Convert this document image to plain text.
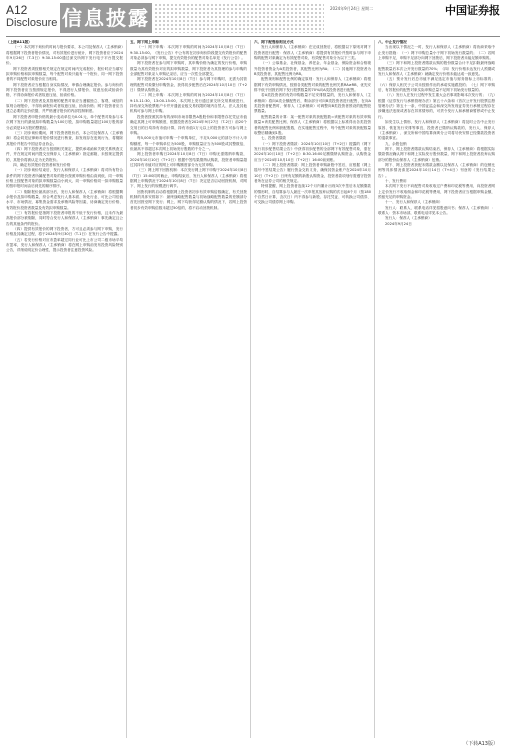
A12
Disclosure 信息披露	2024年9月24日 星期二	中国证券报

（上接A11版）

（一）本次网下询价的时间与报价要求，本公司及保荐人（主承销商）将根据网下投资者报价情况，对有效报价进行统计，网下投资者应于2024年9月26日（T-3日）9:30-15:00通过深交所网下发行电子平台提交报价。

网下投资者须按照相关规定在规定时间内完成报价，报价时应当填写拟申购价格和拟申购数量，每个配售对象只能有一个报价，同一网下投资者的不同配售对象报价应当相同。

网下投资者应当根据自身实际情况，审慎合理确定报价。参与询价的网下投资者应当按照规定报价，不得进行人情报价、故意压低或抬高价格，不得协商报价或者故意压低、抬高价格。

（二）网下投资者及其管理的配售对象应当遵循独立、客观、诚信的原则合理报价，不得协商报价或者故意压低、抬高价格；网下投资者应当建立必要的定价依据，并严格遵守报价的内部控制制度。

网下投资者申报价格的最小变动单位为0.01元，单个配售对象参与本次网下发行的最低拟申购数量为100万股，拟申购数量超过100万股的部分必须是10万股的整数倍。

（三）初步询价期间，网下投资者报价后，本公司及保荐人（主承销商）将会同见证律师对报价情况进行核查，如发现存在违规行为，将剔除其报价并报告中国证券业协会。

（四）网下投资者应当按照相关规定，提供承诺函和关联关系核查文件，并在规定时间内提交至保荐人（主承销商）指定邮箱，未按规定提供的，其报价将被认定为无效报价。

四、确定有效报价投资者和发行价格

（一）初步询价结束后，发行人和保荐人（主承销商）将对所有符合条件的网下投资者所属配售对象的报价按照申购价格由高到低、同一申购价格上按配售对象的拟申购数量由小到大、同一申购价格同一拟申购数量的按申报时间由后到先的顺序排序。

（二）剔除报价最高部分后，发行人和保荐人（主承销商）将根据剩余报价及拟申购数量，综合考虑发行人基本面、所处行业、可比公司估值水平、市场情况、募集资金需求及承销风险等因素，协商确定发行价格、有效报价投资者数量及有效拟申购数量。

（三）有效报价是指网下投资者申报的不低于发行价格，且未作为最高报价部分被剔除，同时符合发行人和保荐人（主承销商）事先确定且公告的其他条件的报价。

（四）提供有效报价的网下投资者，方可且必须参与网下申购，发行价格及其确定过程，将于2024年9月30日（T-1日）在发行公告中披露。

（五）若发行价格对应市盈率超过同行业可比上市公司二级市场平均市盈率，发行人和保荐人（主承销商）将在网上申购前发布投资风险特别公告，详细说明定价合理性，提示投资者注意投资风险。

五、网下网上申购

（一）网下申购：本次网下申购的时间为2024年10月8日（T日）9:30-15:00。《发行公告》中公布的在初步询价阶段提交有效报价的配售对象必须参与网下申购，提交有效报价的配售对象名单见《发行公告》。

网下投资者在参与网下申购时，其申购价格为确定的发行价格，申购数量为其有效报价对应的拟申购数量，网下投资者为其管理的参与申购的全部配售对象录入申购记录后，应当一次性全部提交。

网下投资者在2024年10月8日（T日）参与网下申购时，无需为其管理的配售对象缴付申购资金，获得初步配售后在2024年10月10日（T+2日）缴纳认购资金。

（二）网上申购：本次网上申购的时间为2024年10月8日（T日）9:15-11:30，13:00-15:00，本次网上发行通过深交所交易系统进行，持有深交所股票账户卡并开通创业板交易权限的境内自然人、法人及其他机构可参与网上申购。

投资者按照其持有的深圳市场非限售A股股份和非限售存托凭证市值确定其网上可申购额度，根据投资者在2024年9月27日（T-2日）前20个交易日的日均持有市值计算，持有市值1万元以上的投资者方可参与网上申购。

每5,000元市值可申购一个申购单位，不足5,000元的部分不计入申购额度，每一个申购单位为500股，申购数量应当为500股或其整数倍，但最高不得超过本次网上初始发行股数的千分之一。

网上投资者申购日2024年10月8日（T日）申购无需缴纳申购款，2024年10月10日（T+2日）根据中签结果缴纳认购款，投资者申购量超过其持有市值对应的网上可申购额度部分为无效申购。

（三）网上网下回拨机制：本次发行网上网下申购于2024年10月8日（T日）15:00同时截止，申购结束后，发行人和保荐人（主承销商）将根据网上申购情况于2024年10月8日（T日）决定是否启动回拨机制，对网下、网上发行的规模进行调节。

回拨机制的启动将根据网上投资者初步有效申购倍数确定，有关回拨机制的具体安排如下：最终战略配售数量与初始战略配售数量的差额部分首先回拨至网下发行；网上、网下均获得足额认购的情况下，若网上投资者初步有效申购倍数未超过50倍的，将不启动回拨机制。

六、网下配售原则及方式

发行人和保荐人（主承销商）在完成回拨后，将根据以下原则对网下投资者进行配售：保荐人（主承销商）将提供有效报价并按时参与网下申购的配售对象确定为有效配售对象，有效配售对象分为以下三类。

（一）公募基金、社保基金、养老金、年金基金、保险资金和合格境外投资者资金为A类投资者，其配售比例为RA；（二）其他网下投资者为B类投资者，其配售比例为RB。

配售规则和配售比例的确定原则：发行人和保荐人（主承销商）将根据网下有效申购情况，按照各类配售对象的配售比例关系RA≥RB，优先安排不低于回拨后网下发行股票数量的70%向A类投资者进行配售。

若A类投资者的有效申购数量不足安排数量的，发行人和保荐人（主承销商）将向A类全额配售后，剩余部分可向B类投资者进行配售，在向A类投资者配售时，保荐人（主承销商）可调整向B类投资者预设的配售股票数量。

配售数量的计算：某一配售对象的获配股数=该配售对象的有效申购数量×该类配售比例，保荐人（主承销商）将根据以上标准得出各类投资者的配售比例和获配股数，在实施配售过程中，每个配售对象的获配数量取整后精确到1股。

七、投资者缴款

（一）网下投资者缴款：2024年10月10日（T+2日）披露的《网下发行初步配售结果公告》中获得初步配售的全部网下有效配售对象，需在2024年10月10日（T+2日）8:30-16:00足额缴纳认购资金，认购资金应当于2024年10月10日（T+2日）16:00前到账。

（二）网上投资者缴款：网上投资者申购新股中签后，应根据《网上摇号中签结果公告》履行资金交收义务，确保其资金账户在2024年10月10日（T+2日）日终有足额的新股认购资金，投资者款项划付需遵守投资者所在证券公司的相关规定。

特别提醒，网上投资者连续12个月内累计出现3次中签后未足额缴款的情形时，自结算参与人最近一次申报其放弃认购的次日起6个月（按180个自然日计算，含次日）内不得参与新股、存托凭证、可转换公司债券、可交换公司债券网上申购。

八、中止发行情况

当出现以下情况之一时，发行人和保荐人（主承销商）将协商采取中止发行措施：（一）网下申购总量小于网下初始发行数量的；（二）若网上申购不足，申购不足部分向网下回拨后，网下投资者未能足额申购的。

（三）网下和网上投资者缴款认购的股份数量合计不足扣除最终战略配售数量后本次公开发行数量的70%；（四）发行价格未达发行人预期或发行人和保荐人（主承销商）就确定发行价格未能达成一致意见。

（五）预计发行后总市值不满足选定市值与财务指标上市标准的；（六）保荐人相关子公司未按照作出的承诺实施跟投的；（七）网下申购后，有效报价的配售对象实际申购总量不足网下初始发行数量的。

（八）发行人在发行过程中发生重大会后事项影响本次发行的；（九）根据《证券发行与承销管理办法》第五十六条和《首次公开发行股票注册管理办法》第五十一条，中国证监会和深交所发现证券发行承销过程存在涉嫌违法违规或者存在异常情形的，可责令发行人和承销商暂停或中止发行。

如发生以上情形，发行人和保荐人（主承销商）将及时公告中止发行原因、恢复发行安排等事宜，投资者已缴纳认购款的，发行人、保荐人（主承销商）、深交所和中国结算深圳分公司将尽快安排已经缴款投资者的退款事宜。

九、余股包销

网下、网上投资者缴款认购结束后，保荐人（主承销商）将根据实际缴款情况确认网下和网上实际发行股份数量，网下和网上投资者放弃认购部分的股份由保荐人（主承销商）包销。

网下、网上投资者获配未缴款金额以及保荐人（主承销商）的包销比例等具体情况请见2024年10月14日（T+4日）刊登的《发行结果公告》。

十、发行费用

本次网下发行不向配售对象收取过户费和印花税等费用，向投资者网上定价发行不收取佣金和印花税等费用，网下投资者应当根据申购金额，预留充足的申购资金。

十一、发行人和保荐人（主承销商）

发行人：联系人、联系电话详见招股意向书；保荐人（主承销商）：联系人：资本市场部，联系电话详见本公告。

发行人：保荐人（主承销商）

2024年9月24日

（下转A13版）
